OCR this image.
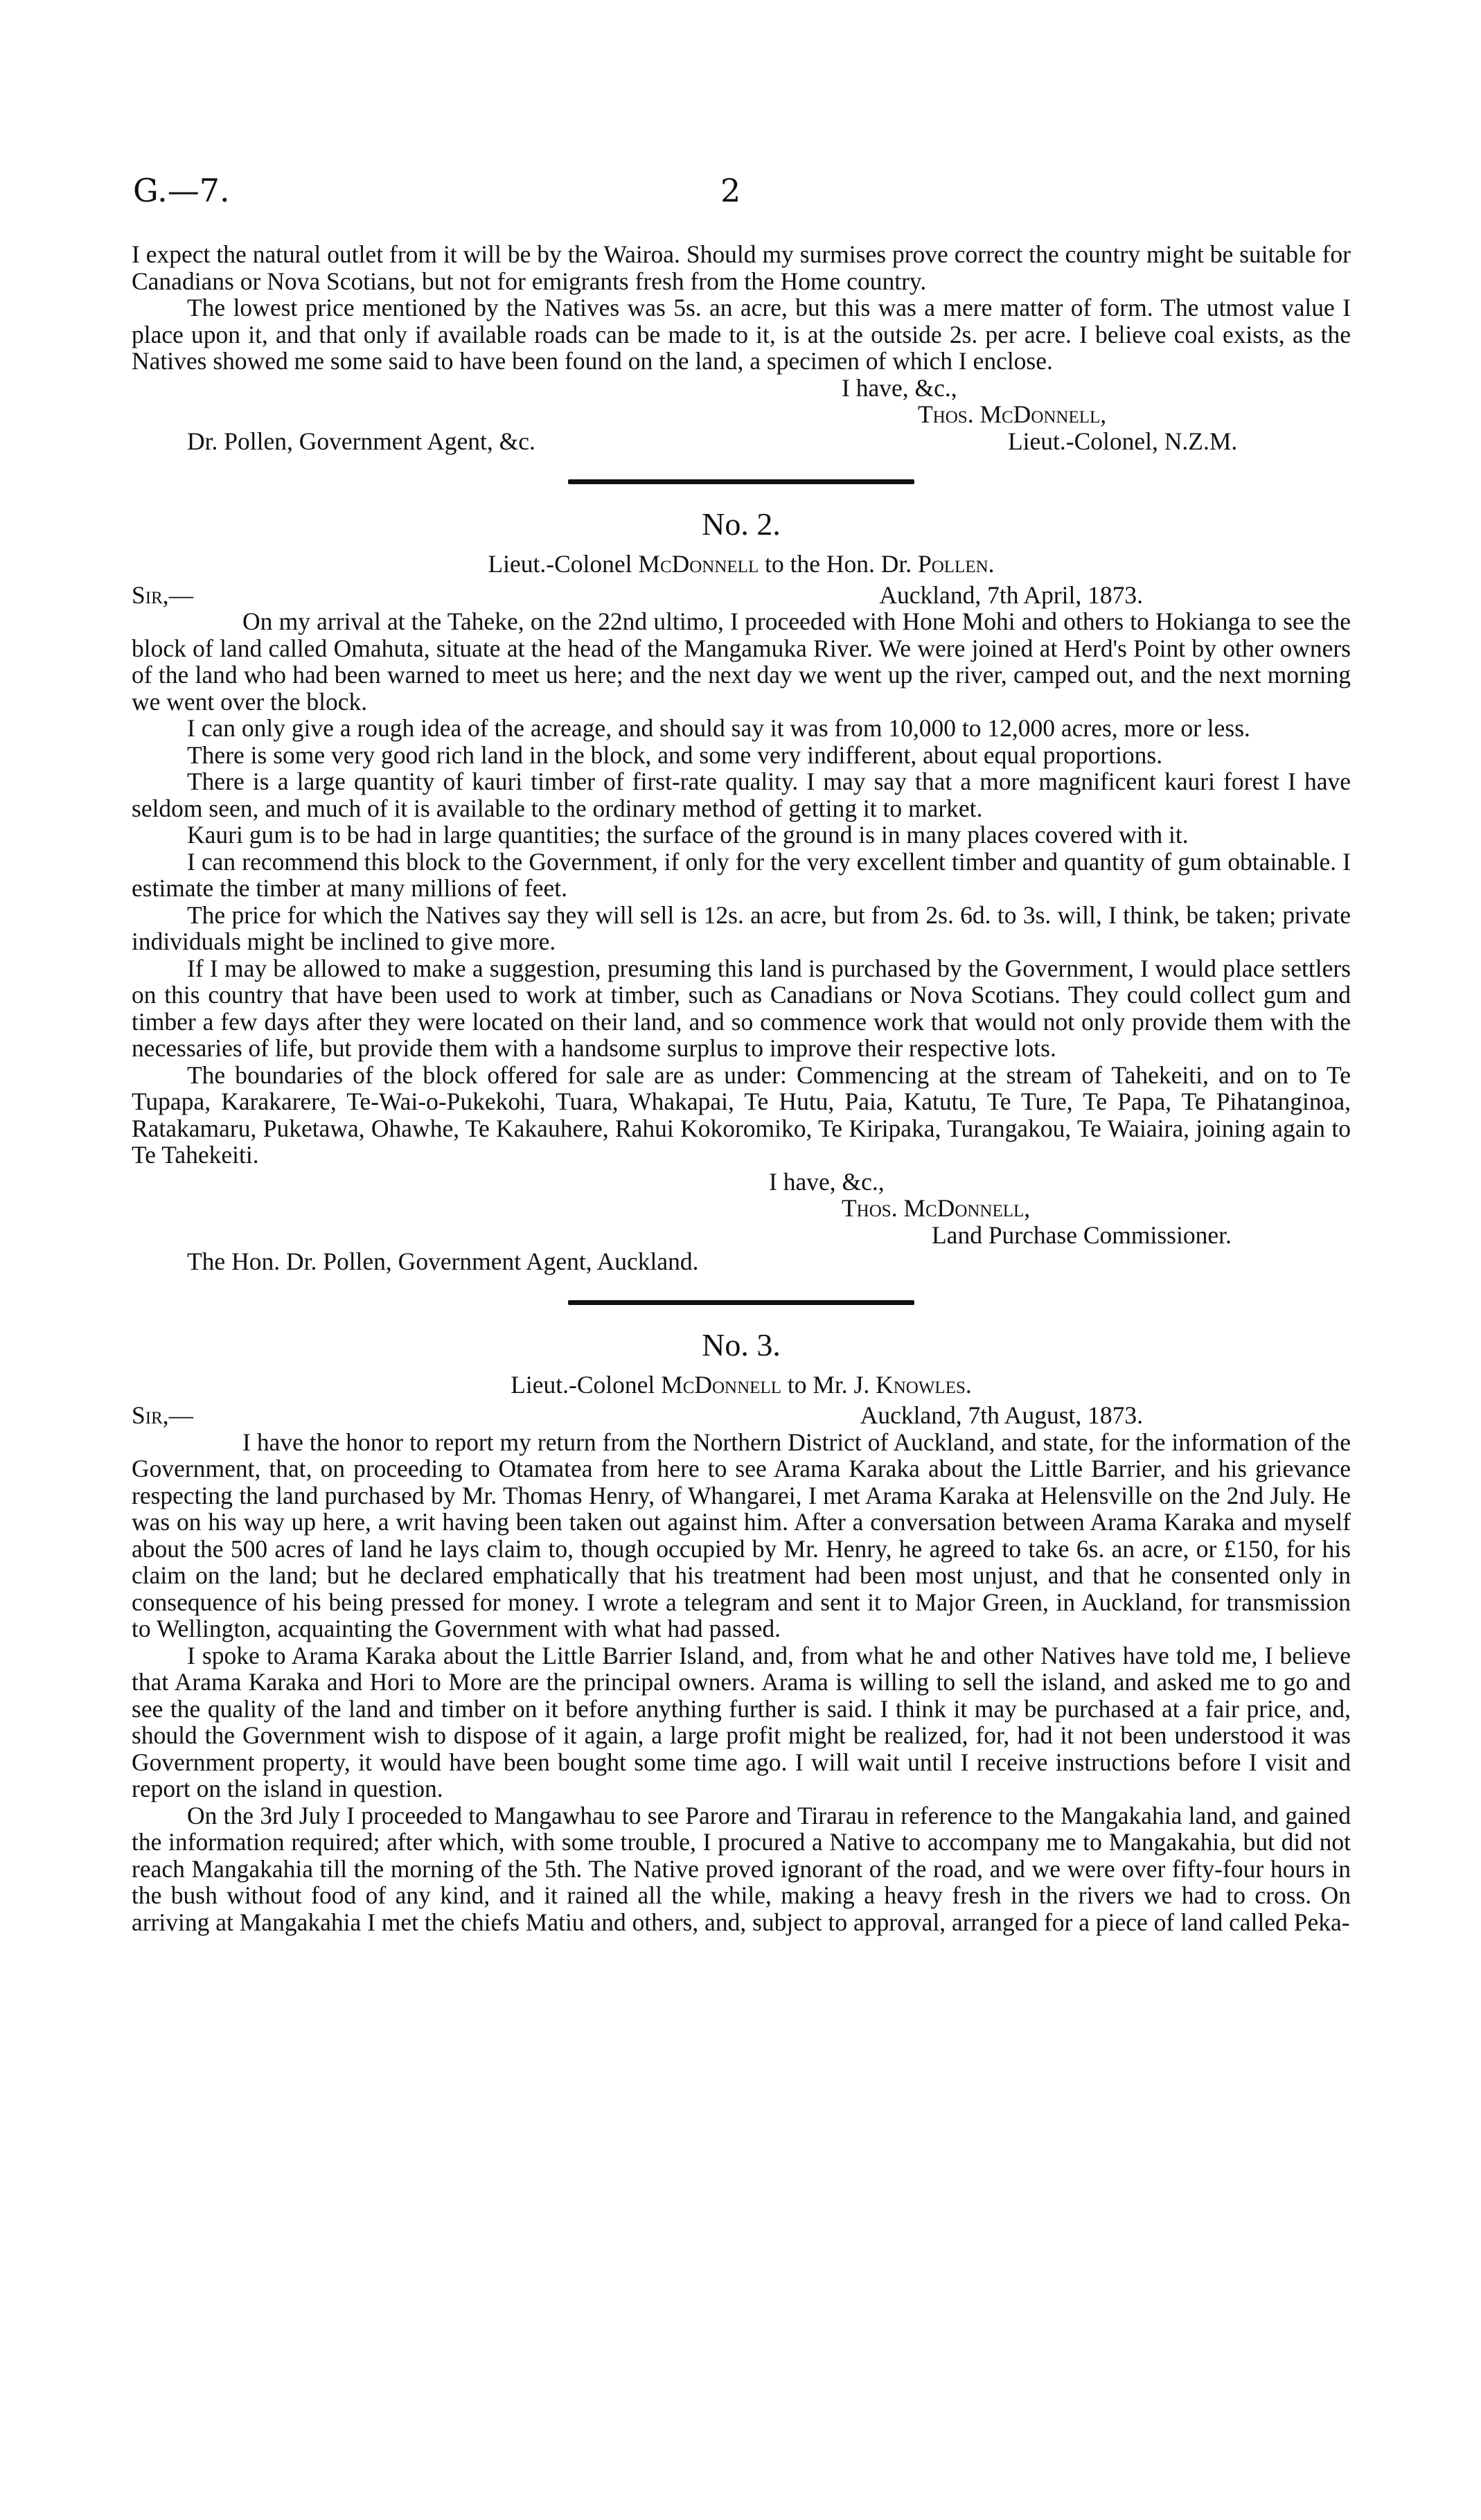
G.—7.	2

I expect the natural outlet from it will be by the Wairoa. Should my surmises prove correct the country might be suitable for Canadians or Nova Scotians, but not for emigrants fresh from the Home country.

The lowest price mentioned by the Natives was 5s. an acre, but this was a mere matter of form. The utmost value I place upon it, and that only if available roads can be made to it, is at the outside 2s. per acre. I believe coal exists, as the Natives showed me some said to have been found on the land, a specimen of which I enclose.

I have, &c.,
Thos. McDonnell,
Dr. Pollen, Government Agent, &c.	Lieut.-Colonel, N.Z.M.
No. 2.
Lieut.-Colonel McDonnell to the Hon. Dr. Pollen.
Sir,—	Auckland, 7th April, 1873.

On my arrival at the Taheke, on the 22nd ultimo, I proceeded with Hone Mohi and others to Hokianga to see the block of land called Omahuta, situate at the head of the Mangamuka River. We were joined at Herd's Point by other owners of the land who had been warned to meet us here; and the next day we went up the river, camped out, and the next morning we went over the block.

I can only give a rough idea of the acreage, and should say it was from 10,000 to 12,000 acres, more or less.

There is some very good rich land in the block, and some very indifferent, about equal proportions.

There is a large quantity of kauri timber of first-rate quality. I may say that a more magnificent kauri forest I have seldom seen, and much of it is available to the ordinary method of getting it to market.

Kauri gum is to be had in large quantities; the surface of the ground is in many places covered with it.

I can recommend this block to the Government, if only for the very excellent timber and quantity of gum obtainable. I estimate the timber at many millions of feet.

The price for which the Natives say they will sell is 12s. an acre, but from 2s. 6d. to 3s. will, I think, be taken; private individuals might be inclined to give more.

If I may be allowed to make a suggestion, presuming this land is purchased by the Government, I would place settlers on this country that have been used to work at timber, such as Canadians or Nova Scotians. They could collect gum and timber a few days after they were located on their land, and so commence work that would not only provide them with the necessaries of life, but provide them with a handsome surplus to improve their respective lots.

The boundaries of the block offered for sale are as under: Commencing at the stream of Tahekeiti, and on to Te Tupapa, Karakarere, Te-Wai-o-Pukekohi, Tuara, Whakapai, Te Hutu, Paia, Katutu, Te Ture, Te Papa, Te Pihatanginoa, Ratakamaru, Puketawa, Ohawhe, Te Kakauhere, Rahui Kokoromiko, Te Kiripaka, Turangakou, Te Waiaira, joining again to Te Tahekeiti.

I have, &c.,
Thos. McDonnell,
Land Purchase Commissioner.
The Hon. Dr. Pollen, Government Agent, Auckland.
No. 3.
Lieut.-Colonel McDonnell to Mr. J. Knowles.
Sir,—	Auckland, 7th August, 1873.

I have the honor to report my return from the Northern District of Auckland, and state, for the information of the Government, that, on proceeding to Otamatea from here to see Arama Karaka about the Little Barrier, and his grievance respecting the land purchased by Mr. Thomas Henry, of Whangarei, I met Arama Karaka at Helensville on the 2nd July. He was on his way up here, a writ having been taken out against him. After a conversation between Arama Karaka and myself about the 500 acres of land he lays claim to, though occupied by Mr. Henry, he agreed to take 6s. an acre, or £150, for his claim on the land; but he declared emphatically that his treatment had been most unjust, and that he consented only in consequence of his being pressed for money. I wrote a telegram and sent it to Major Green, in Auckland, for transmission to Wellington, acquainting the Government with what had passed.

I spoke to Arama Karaka about the Little Barrier Island, and, from what he and other Natives have told me, I believe that Arama Karaka and Hori to More are the principal owners. Arama is willing to sell the island, and asked me to go and see the quality of the land and timber on it before anything further is said. I think it may be purchased at a fair price, and, should the Government wish to dispose of it again, a large profit might be realized, for, had it not been understood it was Government property, it would have been bought some time ago. I will wait until I receive instructions before I visit and report on the island in question.

On the 3rd July I proceeded to Mangawhau to see Parore and Tirarau in reference to the Mangakahia land, and gained the information required; after which, with some trouble, I procured a Native to accompany me to Mangakahia, but did not reach Mangakahia till the morning of the 5th. The Native proved ignorant of the road, and we were over fifty-four hours in the bush without food of any kind, and it rained all the while, making a heavy fresh in the rivers we had to cross. On arriving at Mangakahia I met the chiefs Matiu and others, and, subject to approval, arranged for a piece of land called Peka-
